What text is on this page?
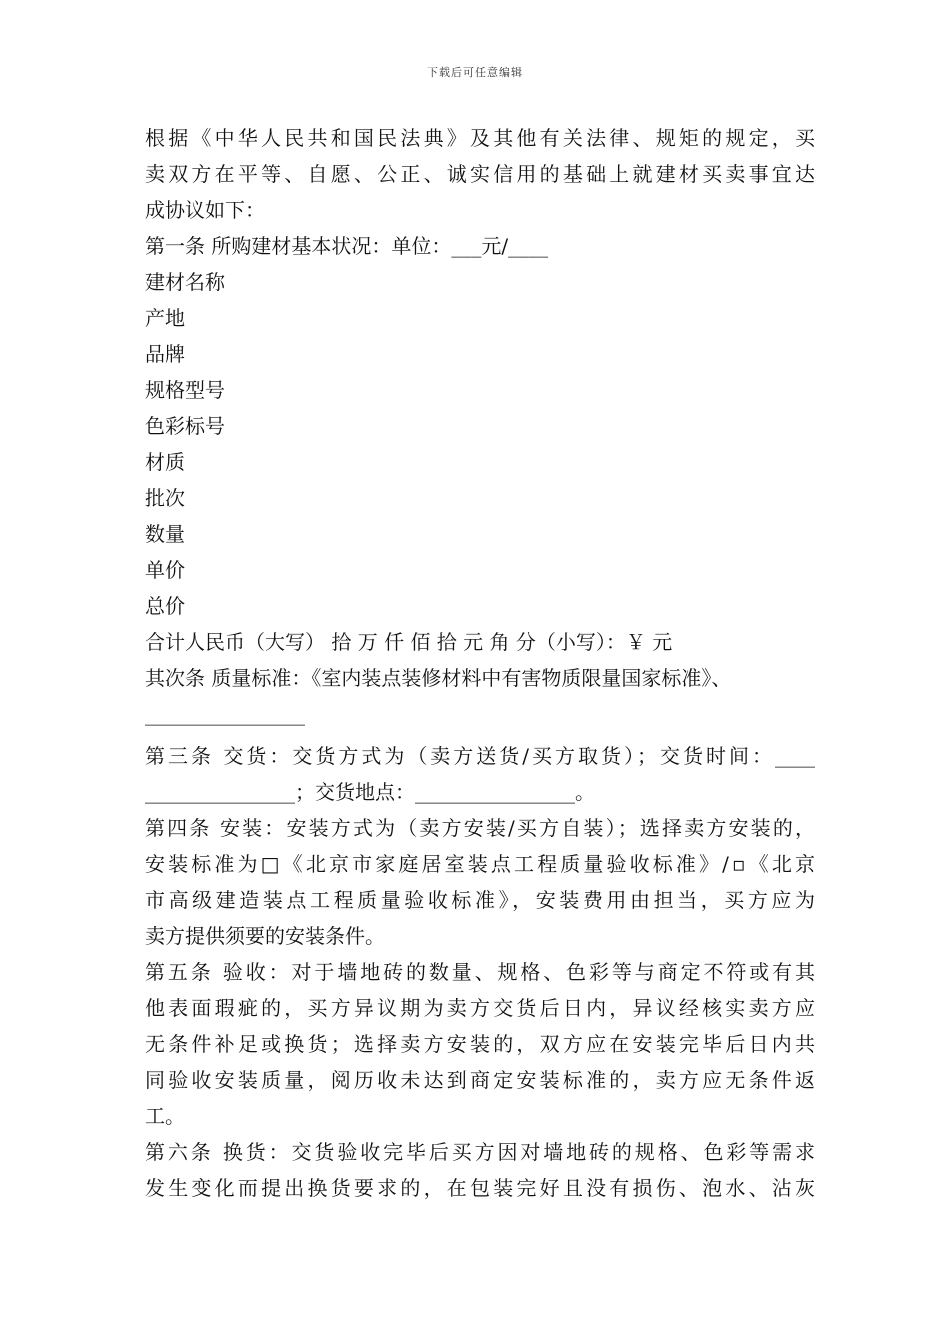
下载后可任意编辑
根据《中华人民共和国民法典》及其他有关法律、规矩的规定，买
卖双方在平等、自愿、公正、诚实信用的基础上就建材买卖事宜达
成协议如下：
第一条 所购建材基本状况：单位：___元/____
建材名称
产地
品牌
规格型号
色彩标号
材质
批次
数量
单价
总价
合计人民币（大写） 拾 万 仟 佰 拾 元 角 分（小写）：￥ 元
其次条 质量标准：《室内装点装修材料中有害物质限量国家标准》、
________________
第三条 交货：交货方式为（卖方送货/买方取货）；交货时间：____
_______________；交货地点：________________。
第四条 安装：安装方式为（卖方安装/买方自装）；选择卖方安装的，
安装标准为□《北京市家庭居室装点工程质量验收标准》/▫《北京
市高级建造装点工程质量验收标准》，安装费用由担当，买方应为
卖方提供须要的安装条件。
第五条 验收：对于墙地砖的数量、规格、色彩等与商定不符或有其
他表面瑕疵的，买方异议期为卖方交货后日内，异议经核实卖方应
无条件补足或换货；选择卖方安装的，双方应在安装完毕后日内共
同验收安装质量，阅历收未达到商定安装标准的，卖方应无条件返
工。
第六条 换货：交货验收完毕后买方因对墙地砖的规格、色彩等需求
发生变化而提出换货要求的，在包装完好且没有损伤、泡水、沾灰
